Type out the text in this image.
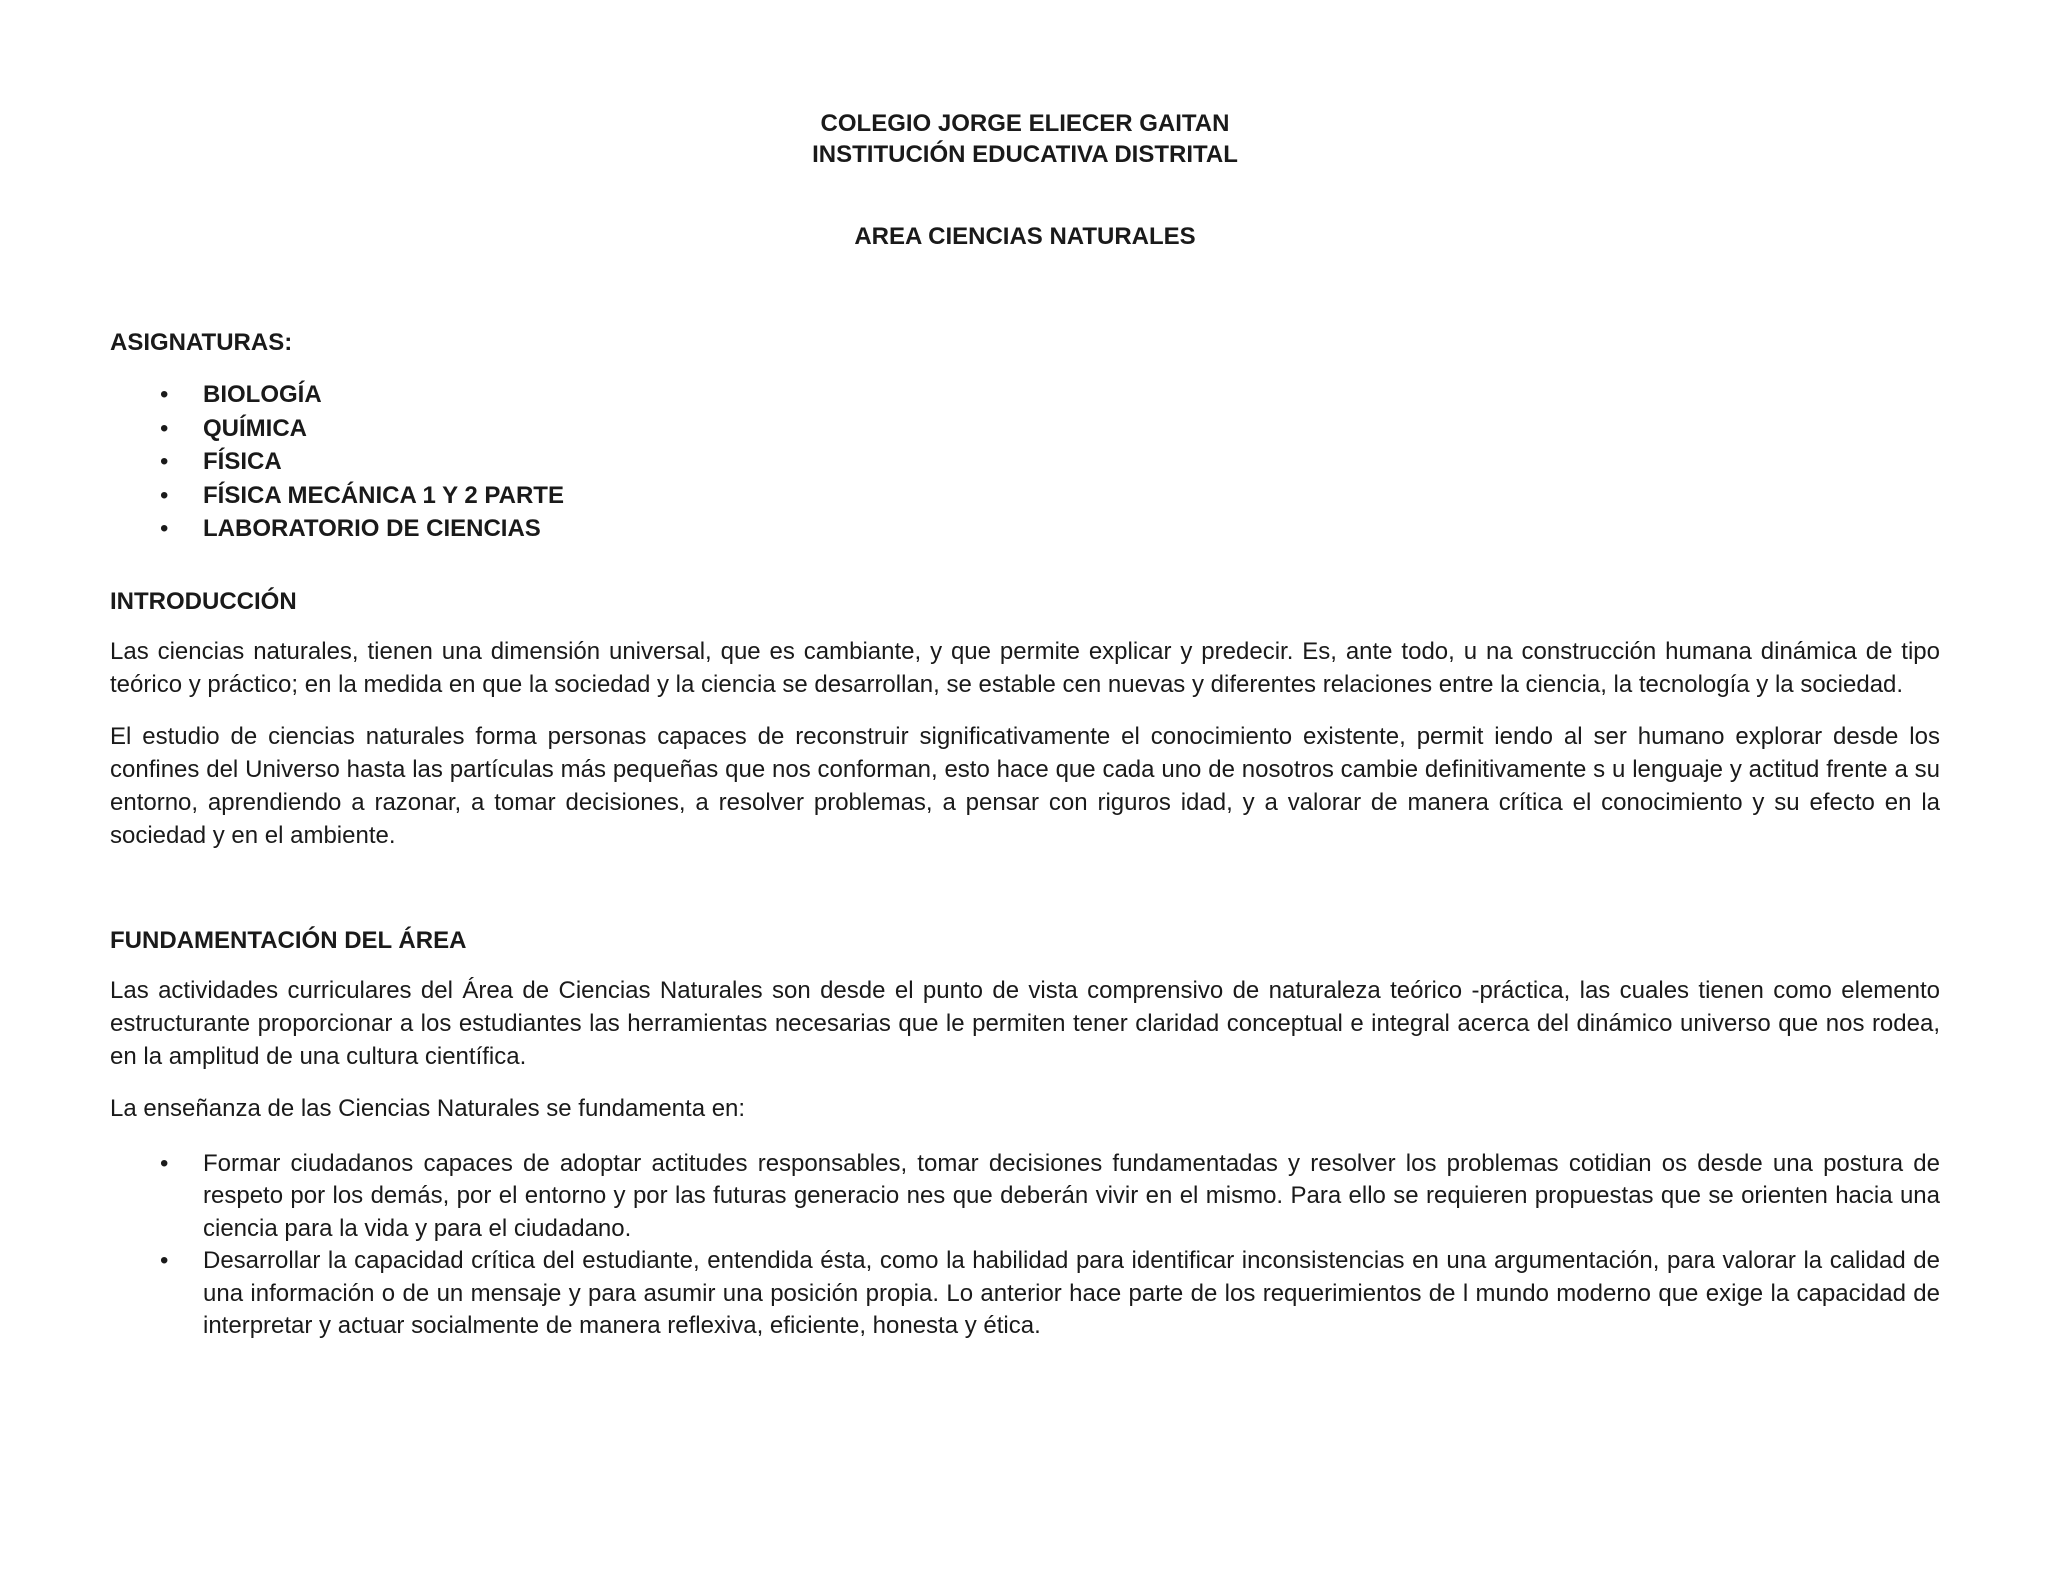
COLEGIO JORGE ELIECER GAITAN
INSTITUCIÓN EDUCATIVA DISTRITAL
AREA CIENCIAS NATURALES
ASIGNATURAS:
• BIOLOGÍA
• QUÍMICA
• FÍSICA
• FÍSICA MECÁNICA 1 Y 2 PARTE
• LABORATORIO DE CIENCIAS
INTRODUCCIÓN

Las ciencias naturales, tienen una dimensión universal, que es cambiante, y que permite explicar y predecir. Es, ante todo, u na construcción humana dinámica de tipo teórico y práctico; en la medida en que la sociedad y la ciencia se desarrollan, se estable cen nuevas y diferentes relaciones entre la ciencia, la tecnología y la sociedad.

El estudio de ciencias naturales forma personas capaces de reconstruir significativamente el conocimiento existente, permit iendo al ser humano explorar desde los confines del Universo hasta las partículas más pequeñas que nos conforman, esto hace que cada uno de nosotros cambie definitivamente s u lenguaje y actitud frente a su entorno, aprendiendo a razonar, a tomar decisiones, a resolver problemas, a pensar con riguros idad, y a valorar de manera crítica el conocimiento y su efecto en la sociedad y en el ambiente.

FUNDAMENTACIÓN DEL ÁREA

Las actividades curriculares del Área de Ciencias Naturales son desde el punto de vista comprensivo de naturaleza teórico -práctica, las cuales tienen como elemento estructurante proporcionar a los estudiantes las herramientas necesarias que le permiten tener claridad conceptual e integral acerca del dinámico universo que nos rodea, en la amplitud de una cultura científica.

La enseñanza de las Ciencias Naturales se fundamenta en:
• Formar ciudadanos capaces de adoptar actitudes responsables, tomar decisiones fundamentadas y resolver los problemas cotidian os desde una postura de respeto por los demás, por el entorno y por las futuras generacio nes que deberán vivir en el mismo. Para ello se requieren propuestas que se orienten hacia una ciencia para la vida y para el ciudadano.
• Desarrollar la capacidad crítica del estudiante, entendida ésta, como la habilidad para identificar inconsistencias en una argumentación, para valorar la calidad de una información o de un mensaje y para asumir una posición propia. Lo anterior hace parte de los requerimientos de l mundo moderno que exige la capacidad de interpretar y actuar socialmente de manera reflexiva, eficiente, honesta y ética.
